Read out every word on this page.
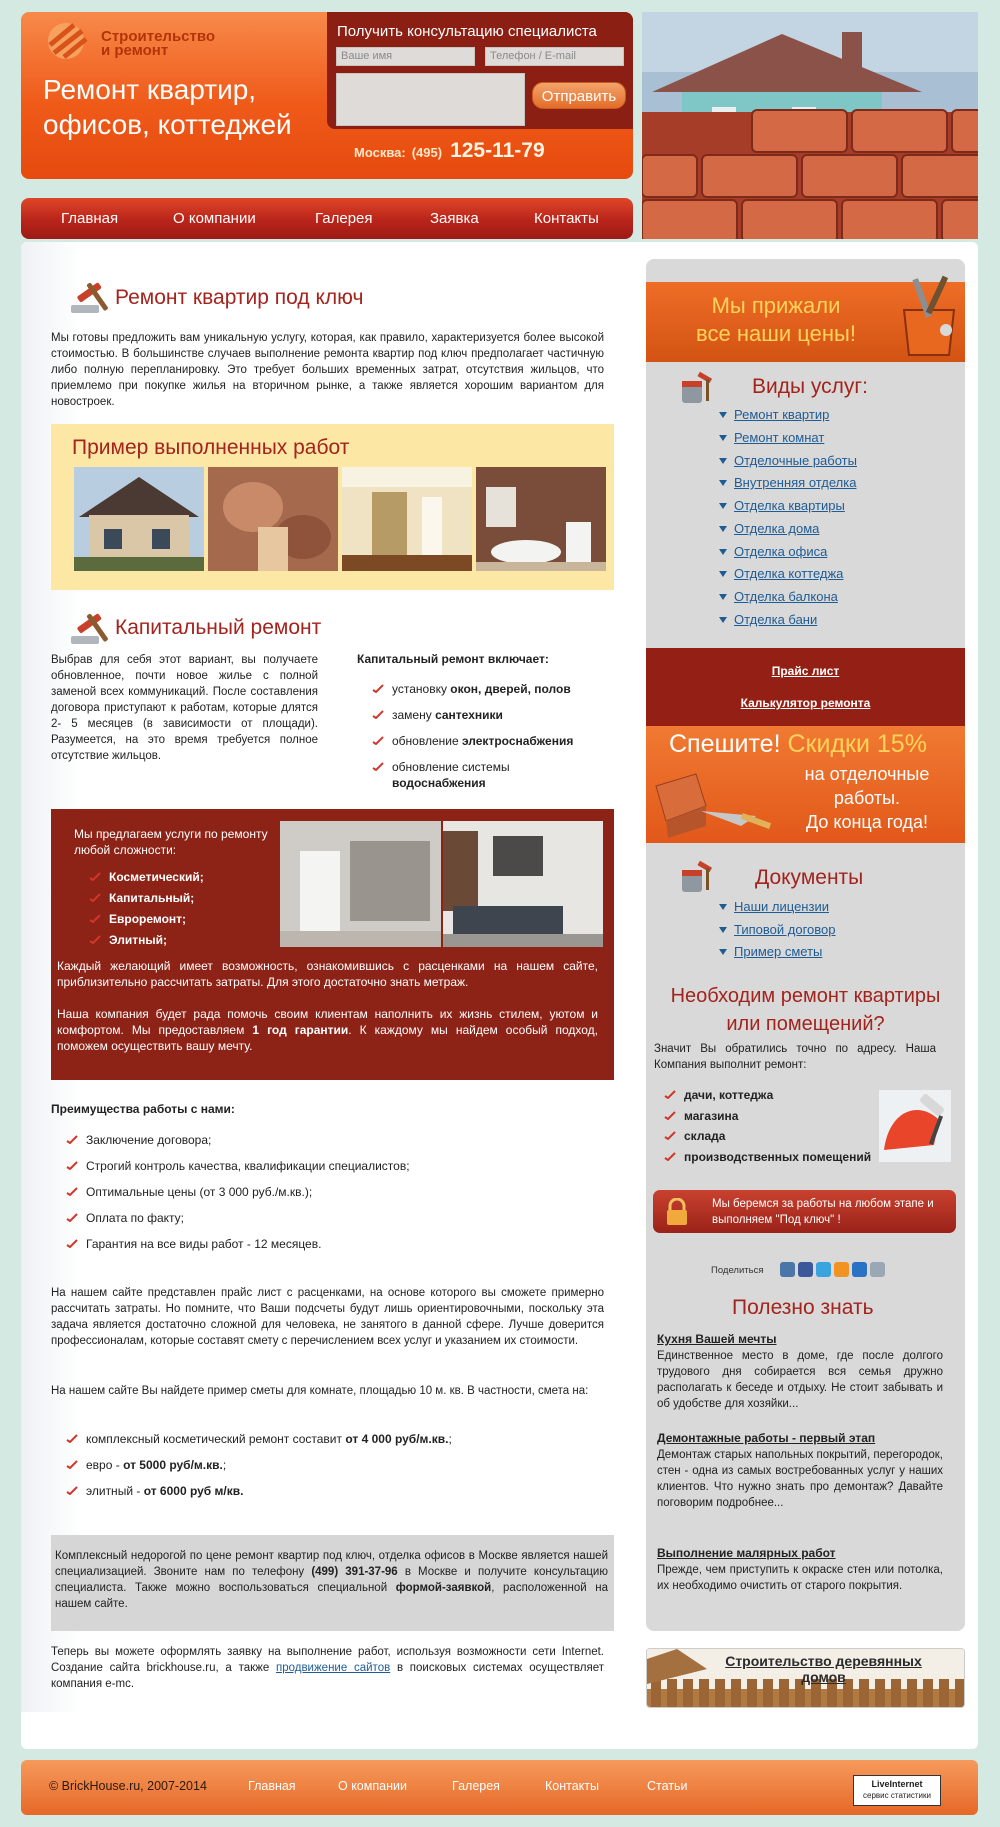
Строительство
и ремонт
Ремонт квартир,
офисов, коттеджей
Получить консультацию специалиста
Ваше имя	Телефон / E-mail
Отправить
Москва: (495) 125-11-79
Главная	О компании	Галерея	Заявка	Контакты
Ремонт квартир под ключ
Мы готовы предложить вам уникальную услугу, которая, как правило, характеризуется более высокой стоимостью. В большинстве случаев выполнение ремонта квартир под ключ предполагает частичную либо полную перепланировку. Это требует больших временных затрат, отсутствия жильцов, что приемлемо при покупке жилья на вторичном рынке, а также является хорошим вариантом для новостроек.
Пример выполненных работ
Капитальный ремонт
Выбрав для себя этот вариант, вы получаете обновленное, почти новое жилье с полной заменой всех коммуникаций. После составления договора приступают к работам, которые длятся 2- 5 месяцев (в зависимости от площади). Разумеется, на это время требуется полное отсутствие жильцов.
Капитальный ремонт включает:
установку окон, дверей, полов
замену сантехники
обновление электроснабжения
обновление системы водоснабжения
Мы предлагаем услуги по ремонту любой сложности:
Косметический;
Капитальный;
Евроремонт;
Элитный;
Каждый желающий имеет возможность, ознакомившись с расценками на нашем сайте, приблизительно рассчитать затраты. Для этого достаточно знать метраж.
Наша компания будет рада помочь своим клиентам наполнить их жизнь стилем, уютом и комфортом. Мы предоставляем 1 год гарантии. К каждому мы найдем особый подход, поможем осуществить вашу мечту.
Преимущества работы с нами:
Заключение договора;
Строгий контроль качества, квалификации специалистов;
Оптимальные цены (от 3 000 руб./м.кв.);
Оплата по факту;
Гарантия на все виды работ - 12 месяцев.
На нашем сайте представлен прайс лист с расценками, на основе которого вы сможете примерно рассчитать затраты. Но помните, что Ваши подсчеты будут лишь ориентировочными, поскольку эта задача является достаточно сложной для человека, не занятого в данной сфере. Лучше доверится профессионалам, которые составят смету с перечислением всех услуг и указанием их стоимости.
На нашем сайте Вы найдете пример сметы для комнате, площадью 10 м. кв. В частности, смета на:
комплексный косметический ремонт составит от 4 000 руб/м.кв.;
евро - от 5000 руб/м.кв.;
элитный - от 6000 руб м/кв.
Комплексный недорогой по цене ремонт квартир под ключ, отделка офисов в Москве является нашей специализацией. Звоните нам по телефону (499) 391-37-96 в Москве и получите консультацию специалиста. Также можно воспользоваться специальной формой-заявкой, расположенной на нашем сайте.
Теперь вы можете оформлять заявку на выполнение работ, используя возможности сети Internet. Создание сайта brickhouse.ru, а также продвижение сайтов в поисковых системах осуществляет компания e-mc.
Мы прижали
все наши цены!
Виды услуг:
Ремонт квартир
Ремонт комнат
Отделочные работы
Внутренняя отделка
Отделка квартиры
Отделка дома
Отделка офиса
Отделка коттеджа
Отделка балкона
Отделка бани
Прайс лист
Калькулятор ремонта
Спешите! Скидки 15%
на отделочные
работы.
До конца года!
Документы
Наши лицензии
Типовой договор
Пример сметы
Необходим ремонт квартиры
или помещений?
Значит Вы обратились точно по адресу. Наша Компания выполнит ремонт:
дачи, коттеджа
магазина
склада
производственных помещений
Мы беремся за работы на любом этапе и выполняем "Под ключ" !
Поделиться
Полезно знать
Кухня Вашей мечты
Единственное место в доме, где после долгого трудового дня собирается вся семья дружно располагать к беседе и отдыху. Не стоит забывать и об удобстве для хозяйки...
Демонтажные работы - первый этап
Демонтаж старых напольных покрытий, перегородок, стен - одна из самых востребованных услуг у наших клиентов. Что нужно знать про демонтаж? Давайте поговорим подробнее...
Выполнение малярных работ
Прежде, чем приступить к окраске стен или потолка, их необходимо очистить от старого покрытия.
Строительство деревянных
домов
© BrickHouse.ru, 2007-2014	Главная	О компании	Галерея	Контакты	Статьи	LiveInternet
сервис статистики
